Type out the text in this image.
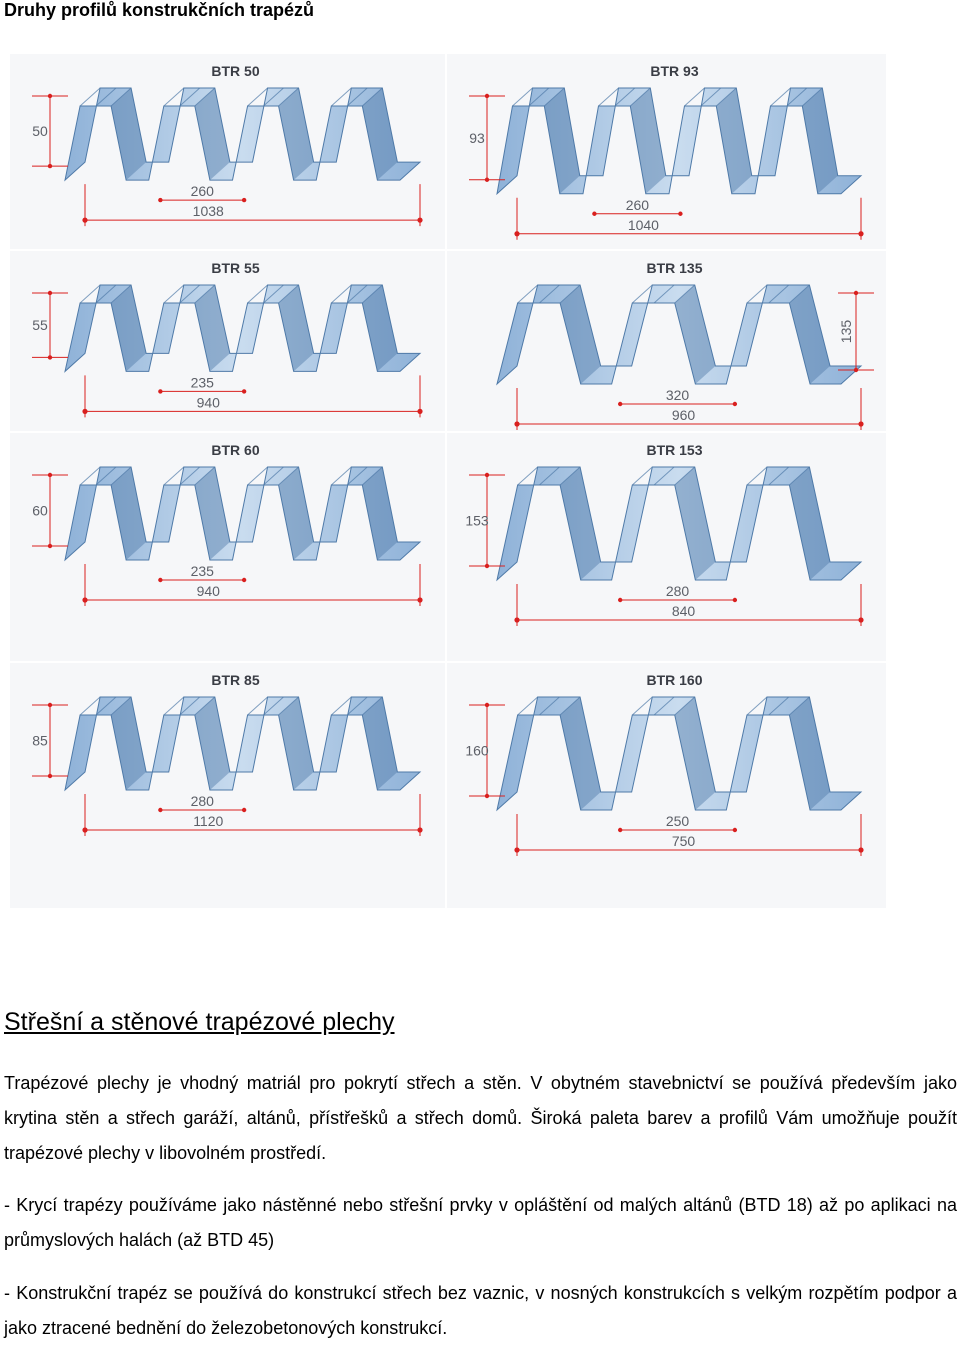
Druhy profilů konstrukčních trapézů
BTR 50
260
1038
50
BTR 93
260
1040
93
BTR 55
235
940
55
BTR 135
320
960
135
BTR 60
235
940
60
BTR 153
280
840
153
BTR 85
280
1120
85
BTR 160
250
750
160
Střešní a stěnové trapézové plechy
Trapézové plechy je vhodný matriál pro pokrytí střech a stěn. V obytném stavebnictví se používá především jako krytina stěn a střech garáží, altánů, přístřešků a střech domů. Široká paleta barev a profilů Vám umožňuje použít trapézové plechy v libovolném prostředí.
- Krycí trapézy používáme jako nástěnné nebo střešní prvky v opláštění od malých altánů (BTD 18) až po aplikaci na průmyslových halách (až BTD 45)
- Konstrukční trapéz se používá do konstrukcí střech bez vaznic, v nosných konstrukcích s velkým rozpětím podpor a jako ztracené bednění do železobetonových konstrukcí.
